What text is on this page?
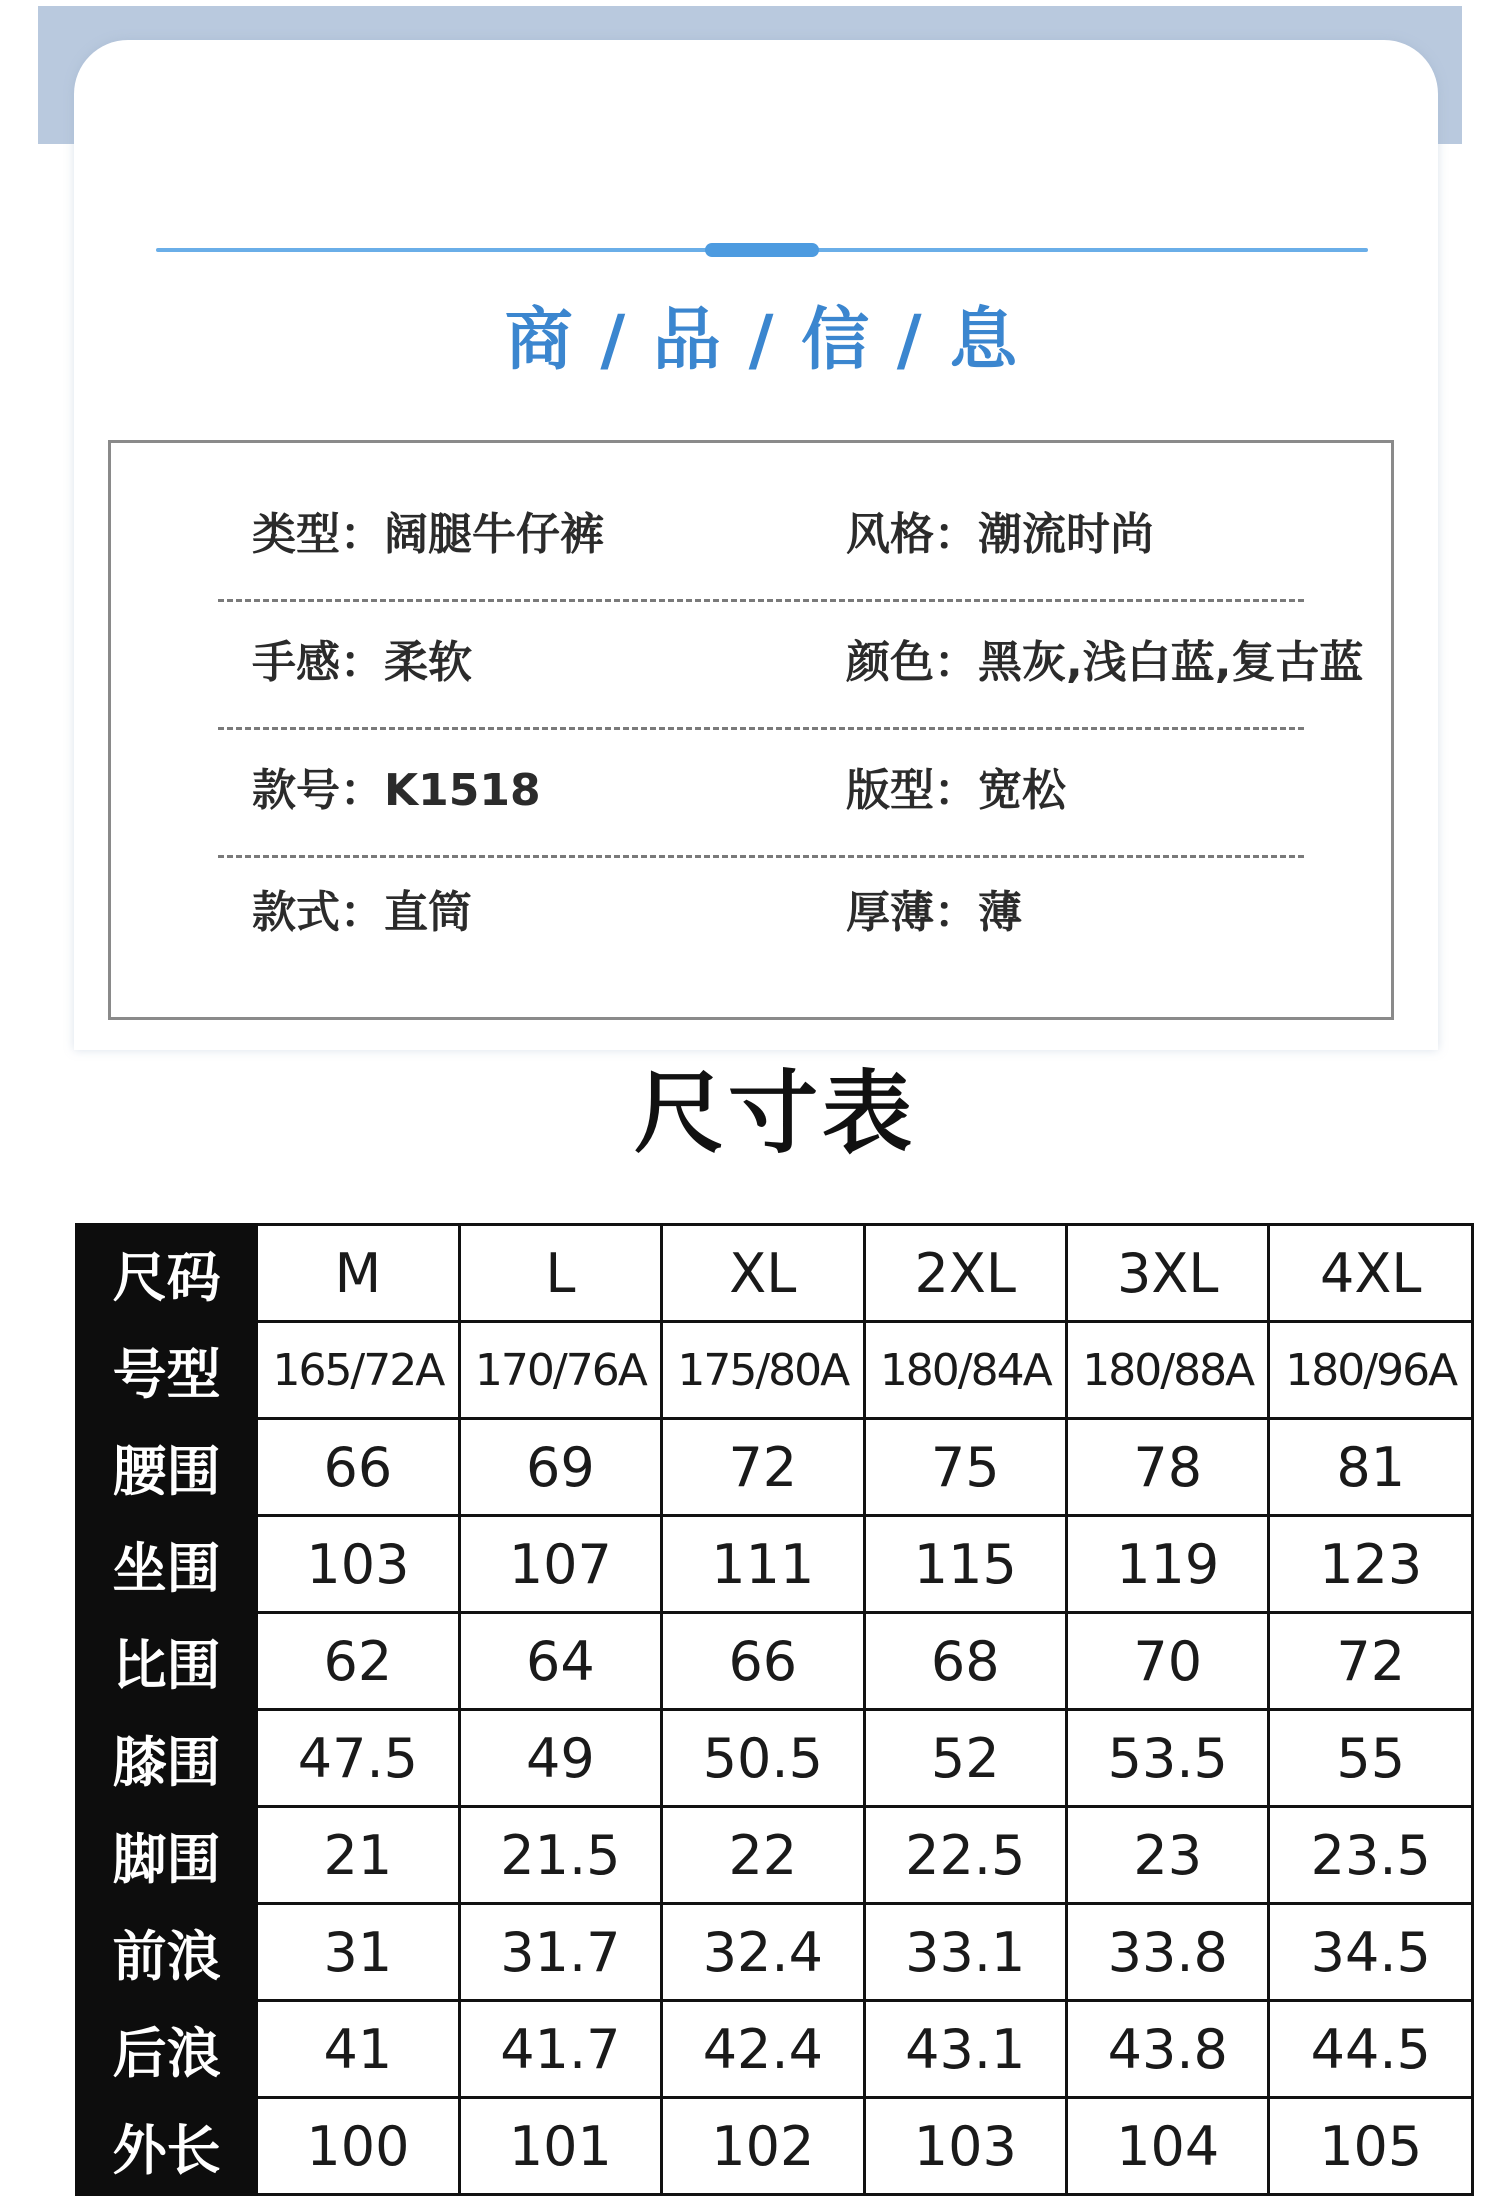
商 / 品 / 信 / 息
类型：阔腿牛仔裤	风格：潮流时尚
手感：柔软	颜色：黑灰,浅白蓝,复古蓝
款号：K1518	版型：宽松
款式：直筒	厚薄：薄
尺寸表
尺码	M	L	XL	2XL	3XL	4XL
号型	165/72A	170/76A	175/80A	180/84A	180/88A	180/96A
腰围	66	69	72	75	78	81
坐围	103	107	111	115	119	123
比围	62	64	66	68	70	72
膝围	47.5	49	50.5	52	53.5	55
脚围	21	21.5	22	22.5	23	23.5
前浪	31	31.7	32.4	33.1	33.8	34.5
后浪	41	41.7	42.4	43.1	43.8	44.5
外长	100	101	102	103	104	105
